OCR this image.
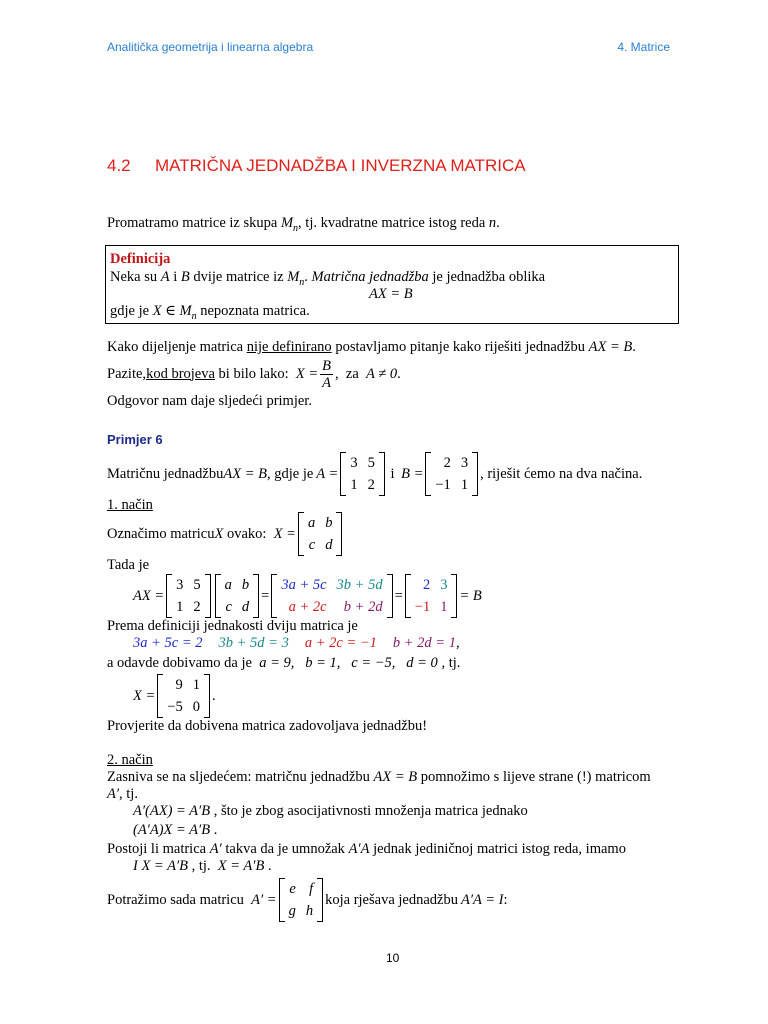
Analitička geometrija i linearna algebra	4. Matrice
4.2 MATRIČNA JEDNADŽBA I INVERZNA MATRICA
Promatramo matrice iz skupa $M_n$, tj. kvadratne matrice istog reda n.
Definicija
Neka su A i B dvije matrice iz $M_n$. Matrična jednadžba je jednadžba oblika
AX = B
gdje je X ∈ $M_n$ nepoznata matrica.
Kako dijeljenje matrica nije definirano postavljamo pitanje kako riješiti jednadžbu AX = B.
Pazite, kod brojeva bi bilo lako: $X = \frac{B}{A}$ ,  za A ≠ 0 .
Odgovor nam daje sljedeći primjer.
Primjer 6
Matričnu jednadžbu AX = B , gdje je A =
3	5
1	2
i B =
2	3
−1	1
, riješit ćemo na dva načina.
1. način
Označimo matricu X ovako: X =
a	b
c	d
Tada je
AX =
3	5
1	2
a	b
c	d
=
3a + 5c	3b + 5d
a + 2c	b + 2d
=
2	3
−1	1
= B
Prema definiciji jednakosti dviju matrica je
3a + 5c = 2 3b + 5d = 3 a + 2c = −1 b + 2d = 1,
a odavde dobivamo da je  a = 9,   b = 1,   c = −5,   d = 0 , tj.
X =
9	1
−5	0
.
Provjerite da dobivena matrica zadovoljava jednadžbu!
2. način
Zasniva se na sljedećem: matričnu jednadžbu AX = B pomnožimo s lijeve strane (!) matricom
A′, tj.
A′(AX) = A′B , što je zbog asocijativnosti množenja matrica jednako
(A′A)X = A′B .
Postoji li matrica A′ takva da je umnožak A′A jednak jediničnoj matrici istog reda, imamo
I X = A′B , tj.  X = A′B .
Potražimo sada matricu A′ =
e	f
g	h
koja rješava jednadžbu A′A = I :
10
